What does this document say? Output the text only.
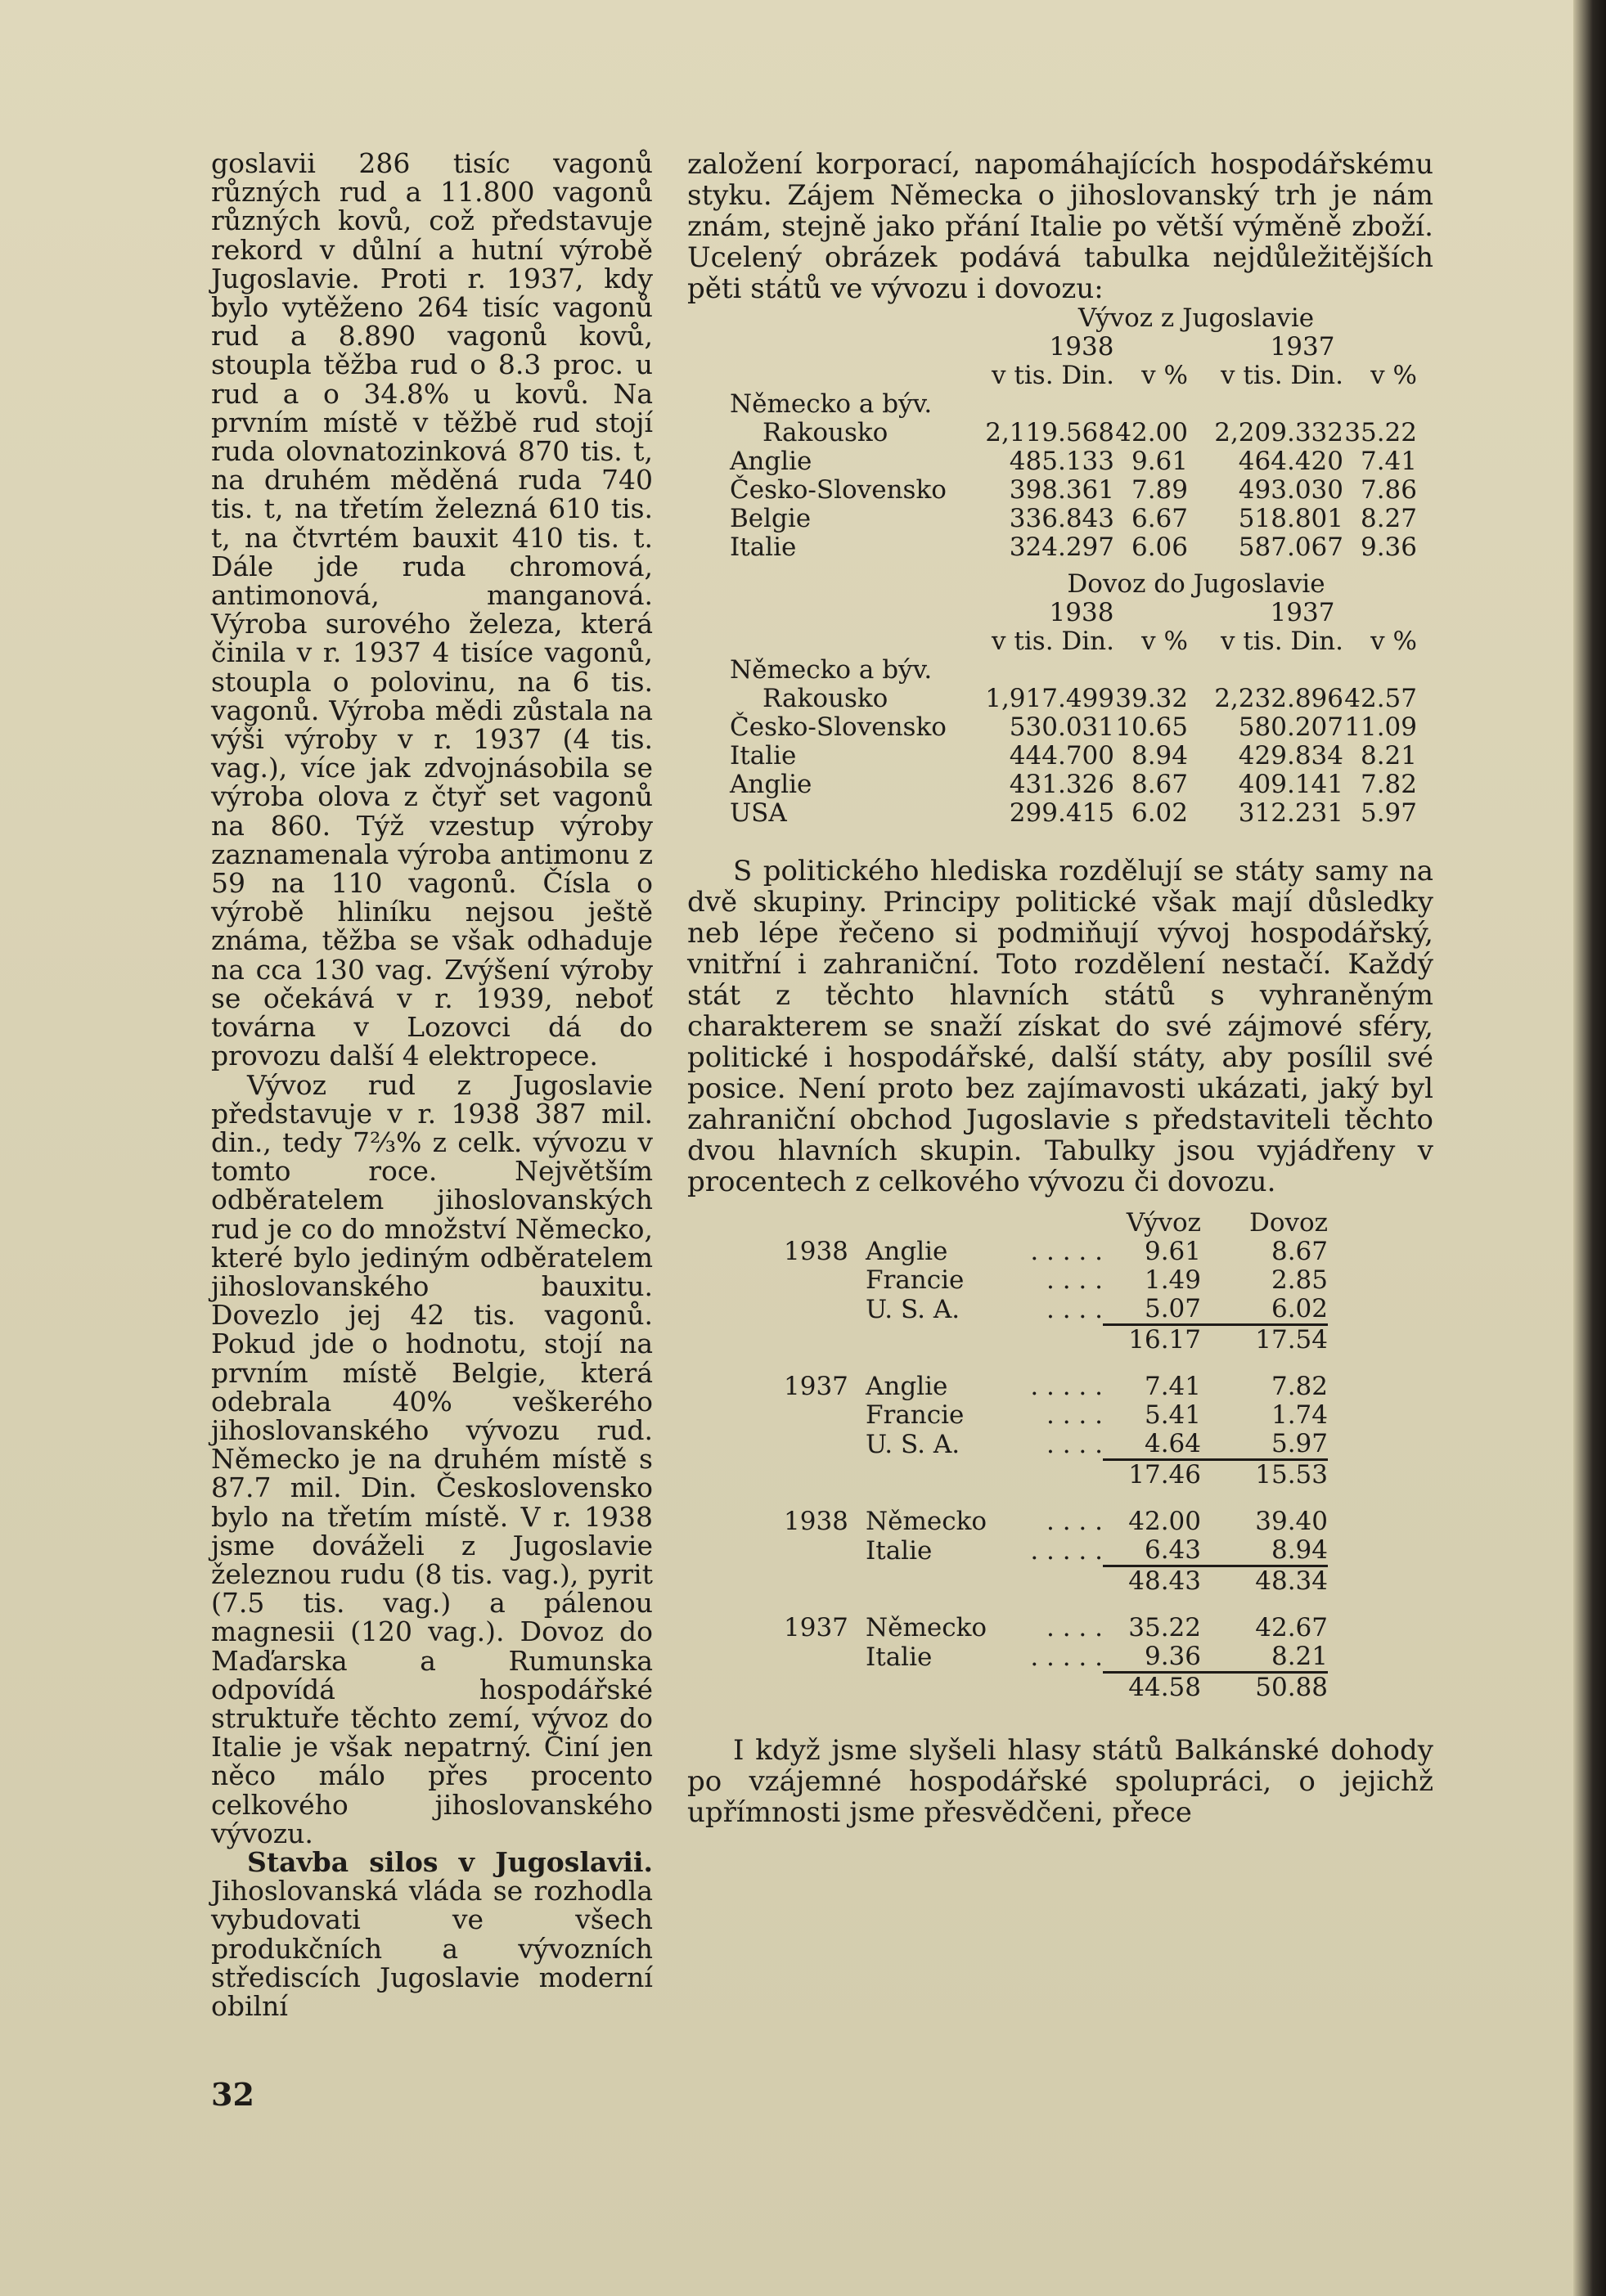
goslavii 286 tisíc vagonů různých rud a 11.800 vagonů různých kovů, což představuje rekord v důlní a hutní výrobě Jugoslavie. Proti r. 1937, kdy bylo vytěženo 264 tisíc vagonů rud a 8.890 vagonů kovů, stoupla těžba rud o 8.3 proc. u rud a o 34.8% u kovů. Na prvním místě v těžbě rud stojí ruda olovnatozinková 870 tis. t, na druhém měděná ruda 740 tis. t, na třetím železná 610 tis. t, na čtvrtém bauxit 410 tis. t. Dále jde ruda chromová, antimonová, manganová. Výroba surového železa, která činila v r. 1937 4 tisíce vagonů, stoupla o polovinu, na 6 tis. vagonů. Výroba mědi zůstala na výši výroby v r. 1937 (4 tis. vag.), více jak zdvojnásobila se výroba olova z čtyř set vagonů na 860. Týž vzestup výroby zaznamenala výroba antimonu z 59 na 110 vagonů. Čísla o výrobě hliníku nejsou ještě známa, těžba se však odhaduje na cca 130 vag. Zvýšení výroby se očekává v r. 1939, neboť továrna v Lozovci dá do provozu další 4 elektropece.

Vývoz rud z Jugoslavie představuje v r. 1938 387 mil. din., tedy 7⅔% z celk. vývozu v tomto roce. Největším odběratelem jihoslovanských rud je co do množství Německo, které bylo jediným odběratelem jihoslovanského bauxitu. Dovezlo jej 42 tis. vagonů. Pokud jde o hodnotu, stojí na prvním místě Belgie, která odebrala 40% veškerého jihoslovanského vývozu rud. Německo je na druhém místě s 87.7 mil. Din. Československo bylo na třetím místě. V r. 1938 jsme dováželi z Jugoslavie železnou rudu (8 tis. vag.), pyrit (7.5 tis. vag.) a pálenou magnesii (120 vag.). Dovoz do Maďarska a Rumunska odpovídá hospodářské struktuře těchto zemí, vývoz do Italie je však nepatrný. Činí jen něco málo přes procento celkového jihoslovanského vývozu.

Stavba silos v Jugoslavii. Jihoslovanská vláda se rozhodla vybudovati ve všech produkčních a vývozních střediscích Jugoslavie moderní obilní

založení korporací, napomáhajících hospodářskému styku. Zájem Německa o jihoslovanský trh je nám znám, stejně jako přání Italie po větší výměně zboží. Ucelený obrázek podává tabulka nejdůležitějších pěti států ve vývozu i dovozu:

	Vývoz z Jugoslavie			
	1938		1937	
	v tis. Din.	v %	v tis. Din.	v %
Německo a býv.				
Rakousko	2,119.568	42.00	2,209.332	35.22
Anglie	485.133	9.61	464.420	7.41
Česko-Slovensko	398.361	7.89	493.030	7.86
Belgie	336.843	6.67	518.801	8.27
Italie	324.297	6.06	587.067	9.36
	Dovoz do Jugoslavie			
	1938		1937	
	v tis. Din.	v %	v tis. Din.	v %
Německo a býv.				
Rakousko	1,917.499	39.32	2,232.896	42.57
Česko-Slovensko	530.031	10.65	580.207	11.09
Italie	444.700	8.94	429.834	8.21
Anglie	431.326	8.67	409.141	7.82
USA	299.415	6.02	312.231	5.97

S politického hlediska rozdělují se státy samy na dvě skupiny. Principy politické však mají důsledky neb lépe řečeno si podmiňují vývoj hospodářský, vnitřní i zahraniční. Toto rozdělení nestačí. Každý stát z těchto hlavních států s vyhraněným charakterem se snaží získat do své zájmové sféry, politické i hospodářské, další státy, aby posílil své posice. Není proto bez zajímavosti ukázati, jaký byl zahraniční obchod Jugoslavie s představiteli těchto dvou hlavních skupin. Tabulky jsou vyjádřeny v procentech z celkového vývozu či dovozu.

			Vývoz	Dovoz
1938	Anglie	. . . . .	9.61	8.67
	Francie	. . . .	1.49	2.85
	U. S. A.	. . . .	5.07	6.02
			16.17	17.54

1937	Anglie	. . . . .	7.41	7.82
	Francie	. . . .	5.41	1.74
	U. S. A.	. . . .	4.64	5.97
			17.46	15.53

1938	Německo	. . . .	42.00	39.40
	Italie	. . . . .	6.43	8.94
			48.43	48.34

1937	Německo	. . . .	35.22	42.67
	Italie	. . . . .	9.36	8.21
			44.58	50.88

I když jsme slyšeli hlasy států Balkánské dohody po vzájemné hospodářské spolupráci, o jejichž upřímnosti jsme přesvědčeni, přece

32
